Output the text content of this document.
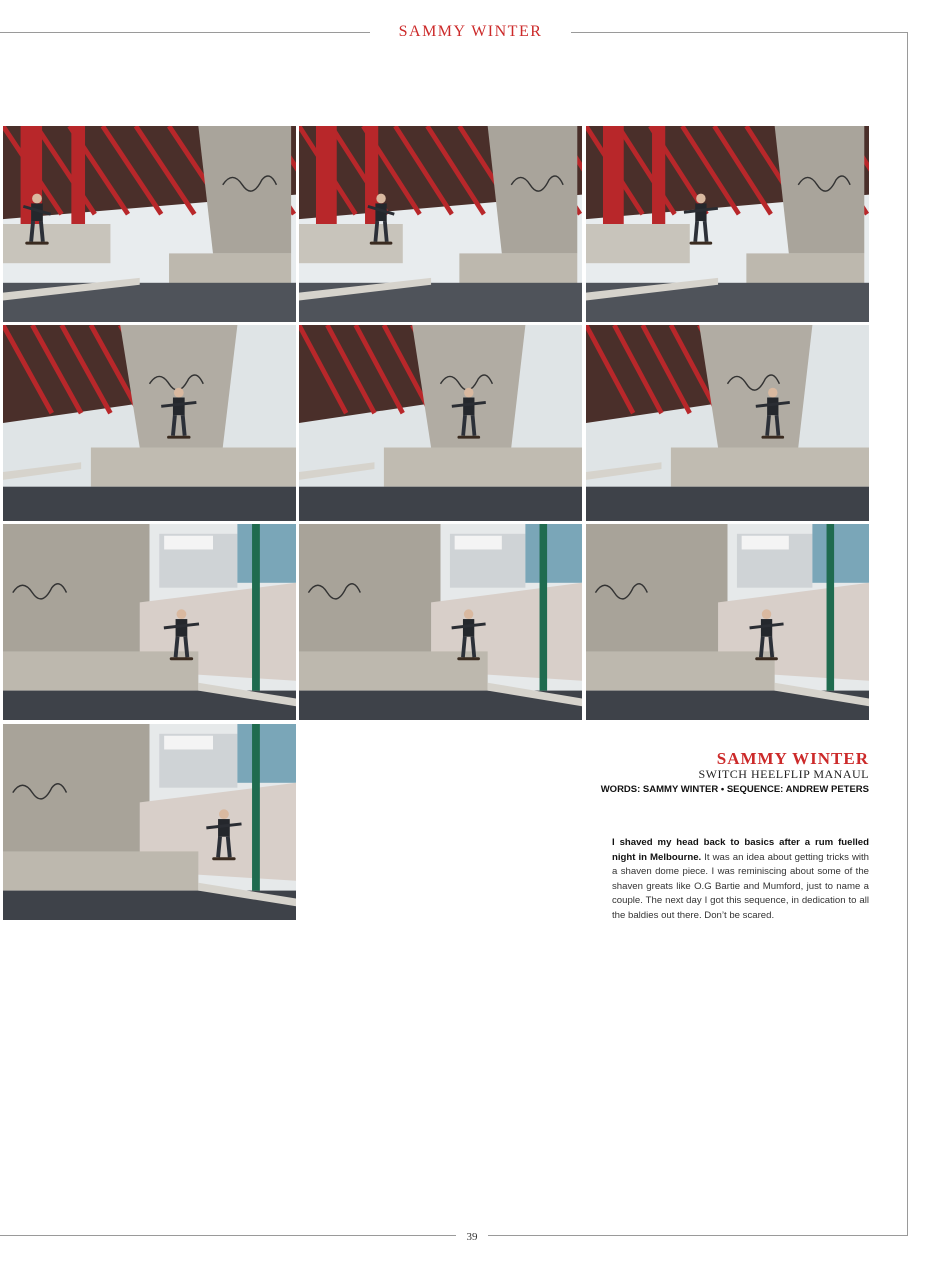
SAMMY WINTER
SAMMY WINTER
SWITCH HEELFLIP MANAUL
WORDS: SAMMY WINTER • SEQUENCE: ANDREW PETERS

I shaved my head back to basics after a rum fuelled night in Melbourne. It was an idea about getting tricks with a shaven dome piece. I was reminiscing about some of the shaven greats like O.G Bartie and Mumford, just to name a couple. The next day I got this sequence, in dedication to all the baldies out there. Don’t be scared.

39
